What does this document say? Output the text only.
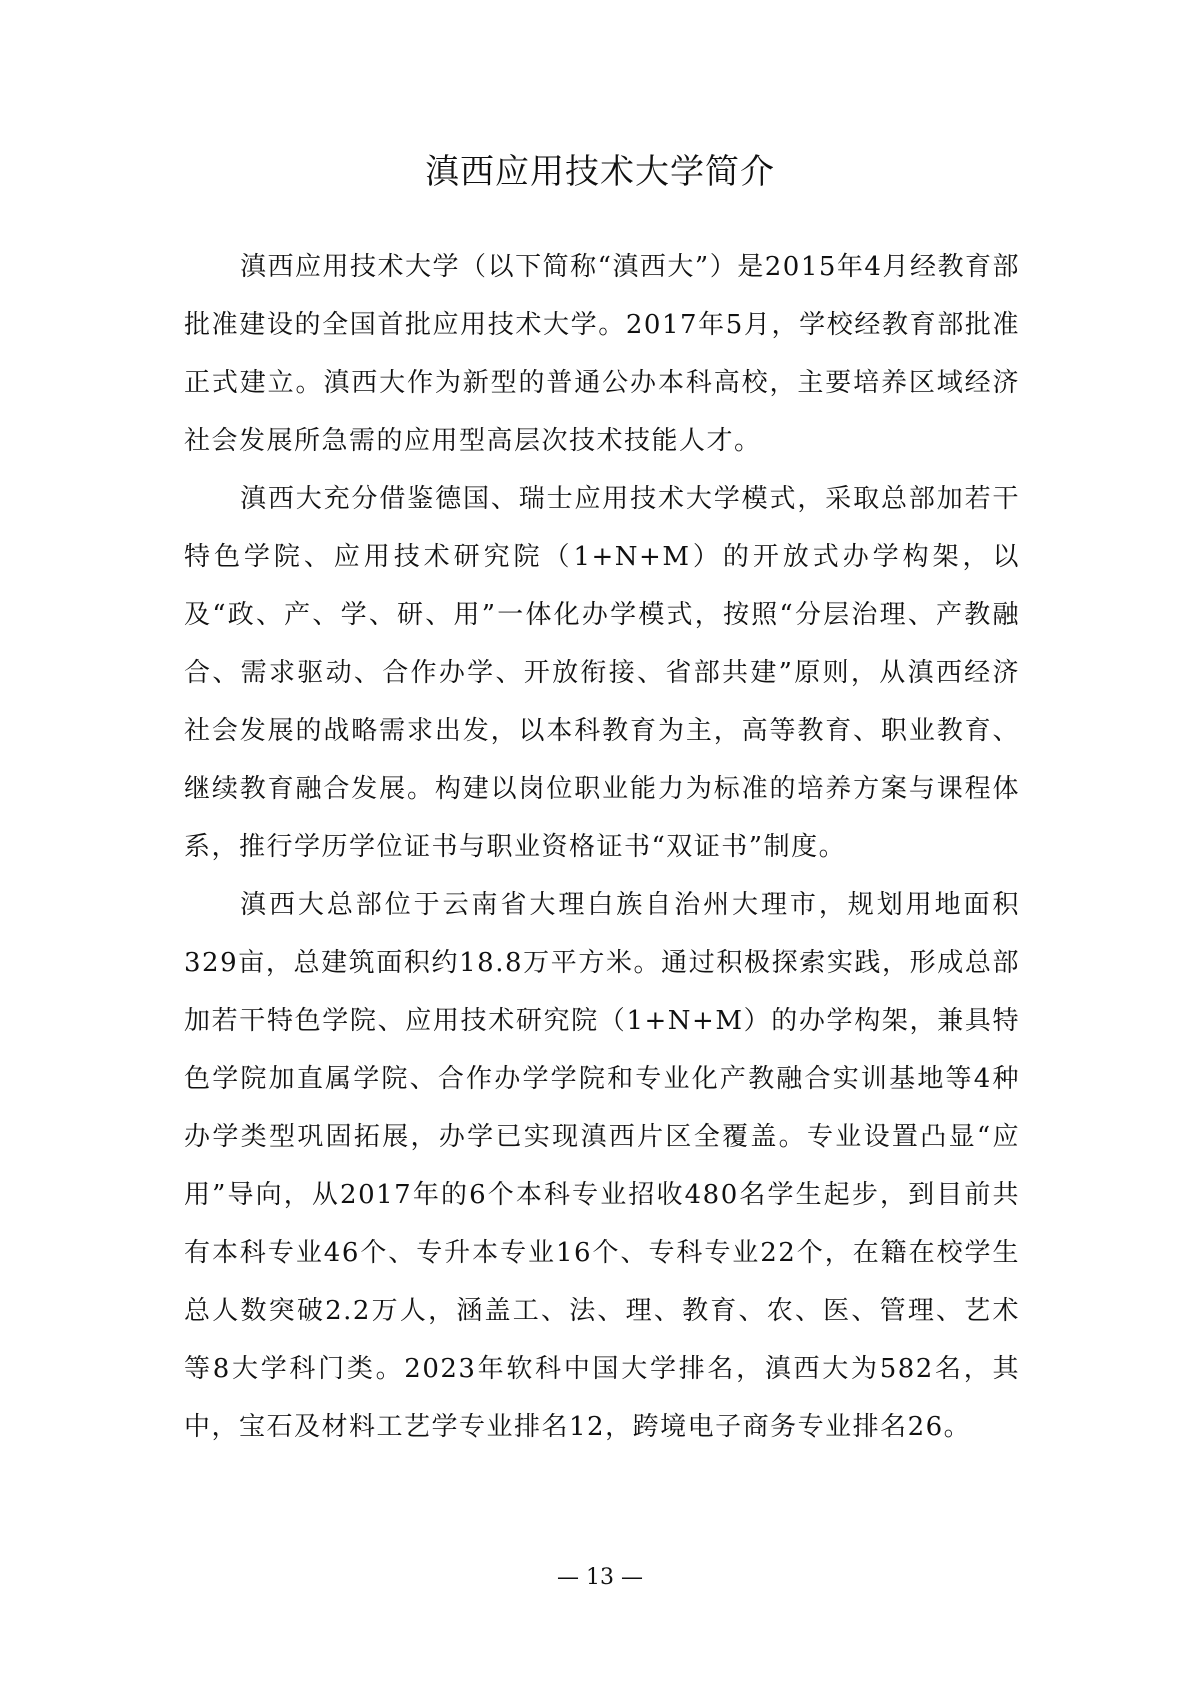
滇西应用技术大学简介

滇西应用技术大学（以下简称“滇西大”）是2015年4月经教育部批准建设的全国首批应用技术大学。2017年5月，学校经教育部批准正式建立。滇西大作为新型的普通公办本科高校，主要培养区域经济社会发展所急需的应用型高层次技术技能人才。

滇西大充分借鉴德国、瑞士应用技术大学模式，采取总部加若干特色学院、应用技术研究院（1+N+M）的开放式办学构架，以及“政、产、学、研、用”一体化办学模式，按照“分层治理、产教融合、需求驱动、合作办学、开放衔接、省部共建”原则，从滇西经济社会发展的战略需求出发，以本科教育为主，高等教育、职业教育、继续教育融合发展。构建以岗位职业能力为标准的培养方案与课程体系，推行学历学位证书与职业资格证书“双证书”制度。

滇西大总部位于云南省大理白族自治州大理市，规划用地面积329亩，总建筑面积约18.8万平方米。通过积极探索实践，形成总部加若干特色学院、应用技术研究院（1+N+M）的办学构架，兼具特色学院加直属学院、合作办学学院和专业化产教融合实训基地等4种办学类型巩固拓展，办学已实现滇西片区全覆盖。专业设置凸显“应用”导向，从2017年的6个本科专业招收480名学生起步，到目前共有本科专业46个、专升本专业16个、专科专业22个，在籍在校学生总人数突破2.2万人，涵盖工、法、理、教育、农、医、管理、艺术等8大学科门类。2023年软科中国大学排名，滇西大为582名，其中，宝石及材料工艺学专业排名12，跨境电子商务专业排名26。

— 13 —
